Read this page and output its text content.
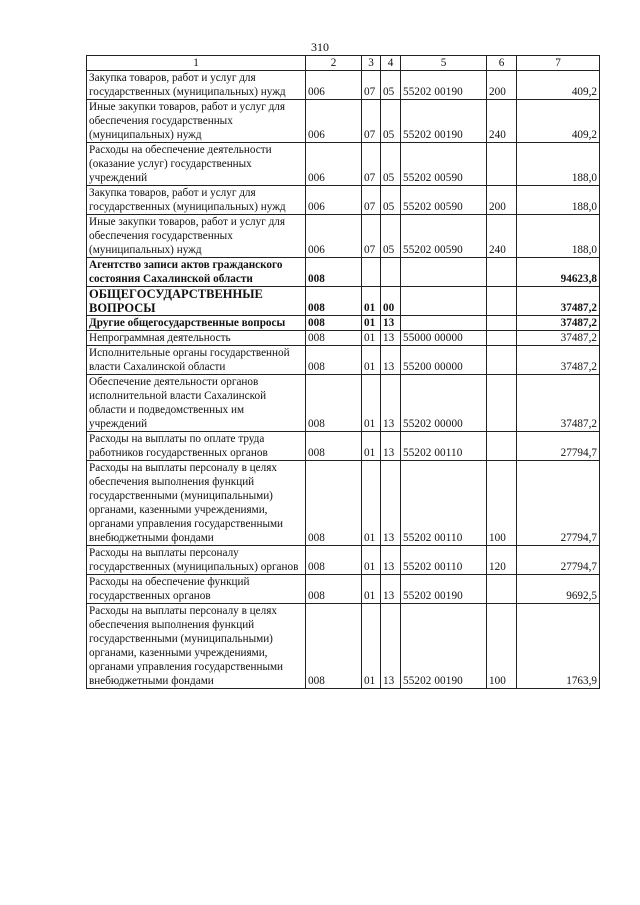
310
1	2	3	4	5	6	7
Закупка товаров, работ и услуг для государственных (муниципальных) нужд	006	07	05	55202 00190	200	409,2
Иные закупки товаров, работ и услуг для обеспечения государственных (муниципальных) нужд	006	07	05	55202 00190	240	409,2
Расходы на обеспечение деятельности (оказание услуг) государственных учреждений	006	07	05	55202 00590		188,0
Закупка товаров, работ и услуг для государственных (муниципальных) нужд	006	07	05	55202 00590	200	188,0
Иные закупки товаров, работ и услуг для обеспечения государственных (муниципальных) нужд	006	07	05	55202 00590	240	188,0
Агентство записи актов гражданского состояния Сахалинской области	008					94623,8
ОБЩЕГОСУДАРСТВЕННЫЕ ВОПРОСЫ	008	01	00			37487,2
Другие общегосударственные вопросы	008	01	13			37487,2
Непрограммная деятельность	008	01	13	55000 00000		37487,2
Исполнительные органы государственной власти Сахалинской области	008	01	13	55200 00000		37487,2
Обеспечение деятельности органов исполнительной власти Сахалинской области и подведомственных им учреждений	008	01	13	55202 00000		37487,2
Расходы на выплаты по оплате труда работников государственных органов	008	01	13	55202 00110		27794,7
Расходы на выплаты персоналу в целях обеспечения выполнения функций государственными (муниципальными) органами, казенными учреждениями, органами управления государственными внебюджетными фондами	008	01	13	55202 00110	100	27794,7
Расходы на выплаты персоналу государственных (муниципальных) органов	008	01	13	55202 00110	120	27794,7
Расходы на обеспечение функций государственных органов	008	01	13	55202 00190		9692,5
Расходы на выплаты персоналу в целях обеспечения выполнения функций государственными (муниципальными) органами, казенными учреждениями, органами управления государственными внебюджетными фондами	008	01	13	55202 00190	100	1763,9
